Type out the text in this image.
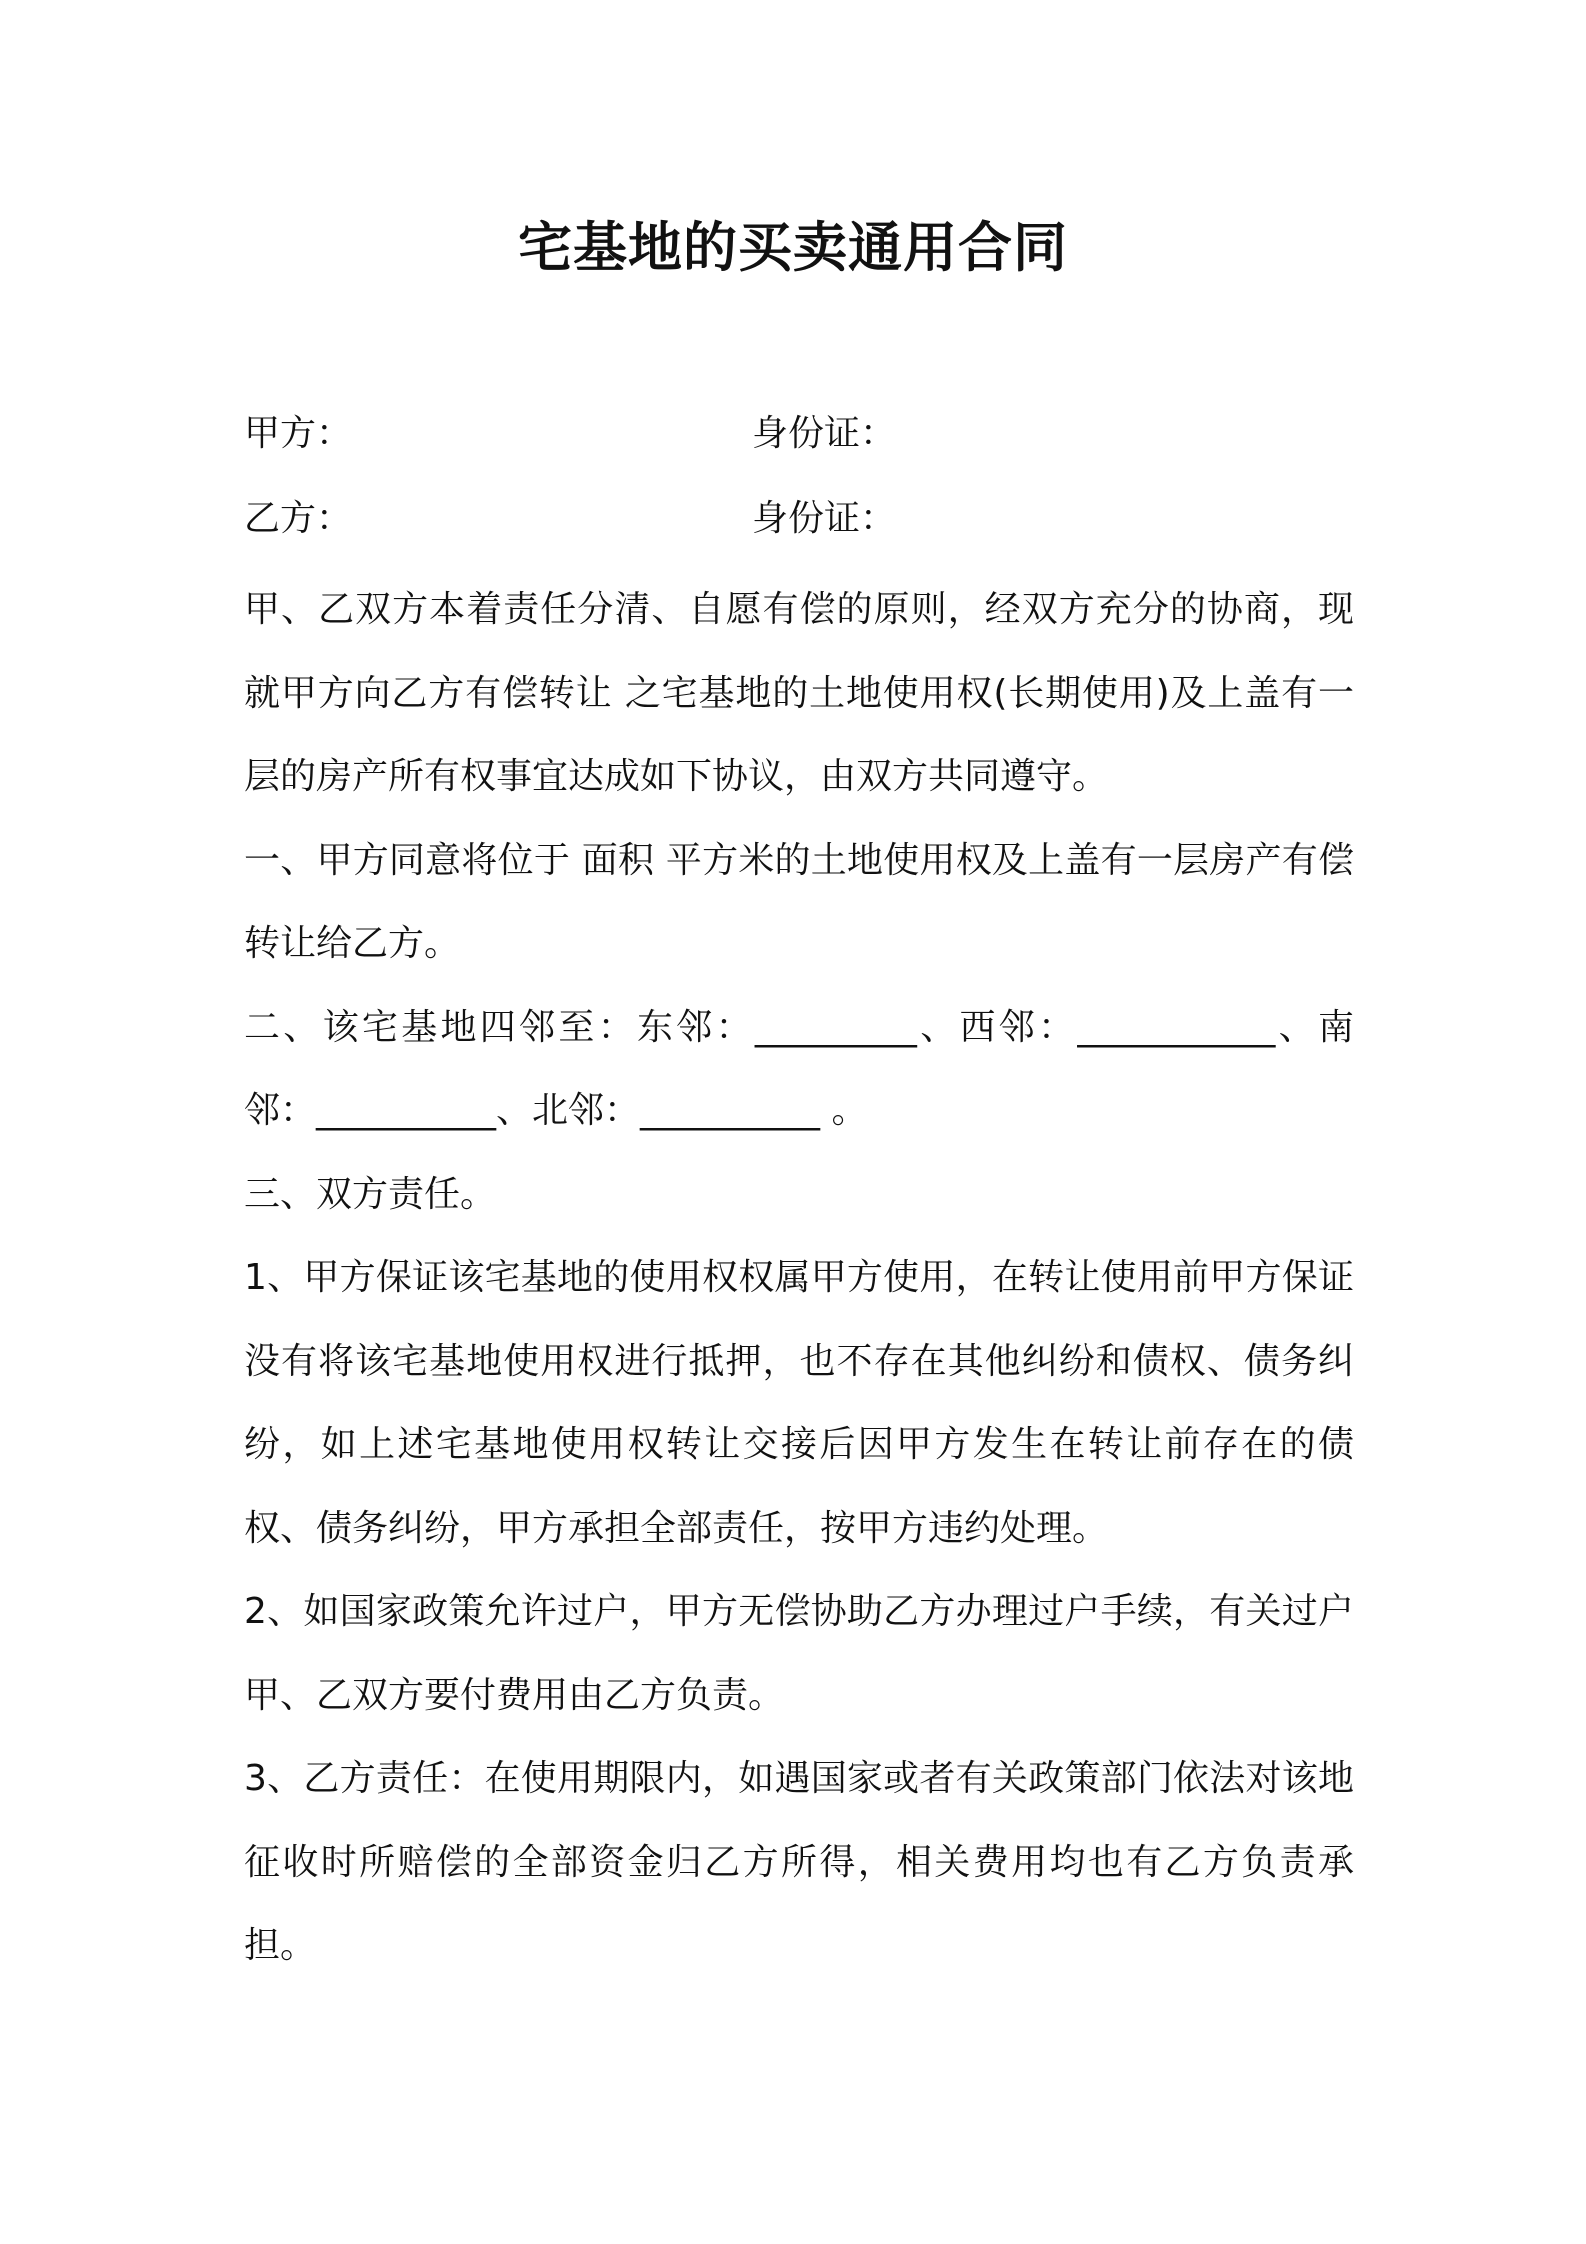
宅基地的买卖通用合同
甲方：	身份证：
乙方：	身份证：

甲、乙双方本着责任分清、自愿有偿的原则，经双方充分的协商，现就甲方向乙方有偿转让 之宅基地的土地使用权(长期使用)及上盖有一层的房产所有权事宜达成如下协议，由双方共同遵守。

一、甲方同意将位于 面积 平方米的土地使用权及上盖有一层房产有偿转让给乙方。

二、该宅基地四邻至：东邻：_________、西邻：___________、南邻：__________、北邻：__________ 。

三、双方责任。

1、甲方保证该宅基地的使用权权属甲方使用，在转让使用前甲方保证没有将该宅基地使用权进行抵押，也不存在其他纠纷和债权、债务纠纷，如上述宅基地使用权转让交接后因甲方发生在转让前存在的债权、债务纠纷，甲方承担全部责任，按甲方违约处理。

2、如国家政策允许过户，甲方无偿协助乙方办理过户手续，有关过户甲、乙双方要付费用由乙方负责。

3、乙方责任：在使用期限内，如遇国家或者有关政策部门依法对该地征收时所赔偿的全部资金归乙方所得，相关费用均也有乙方负责承担。
